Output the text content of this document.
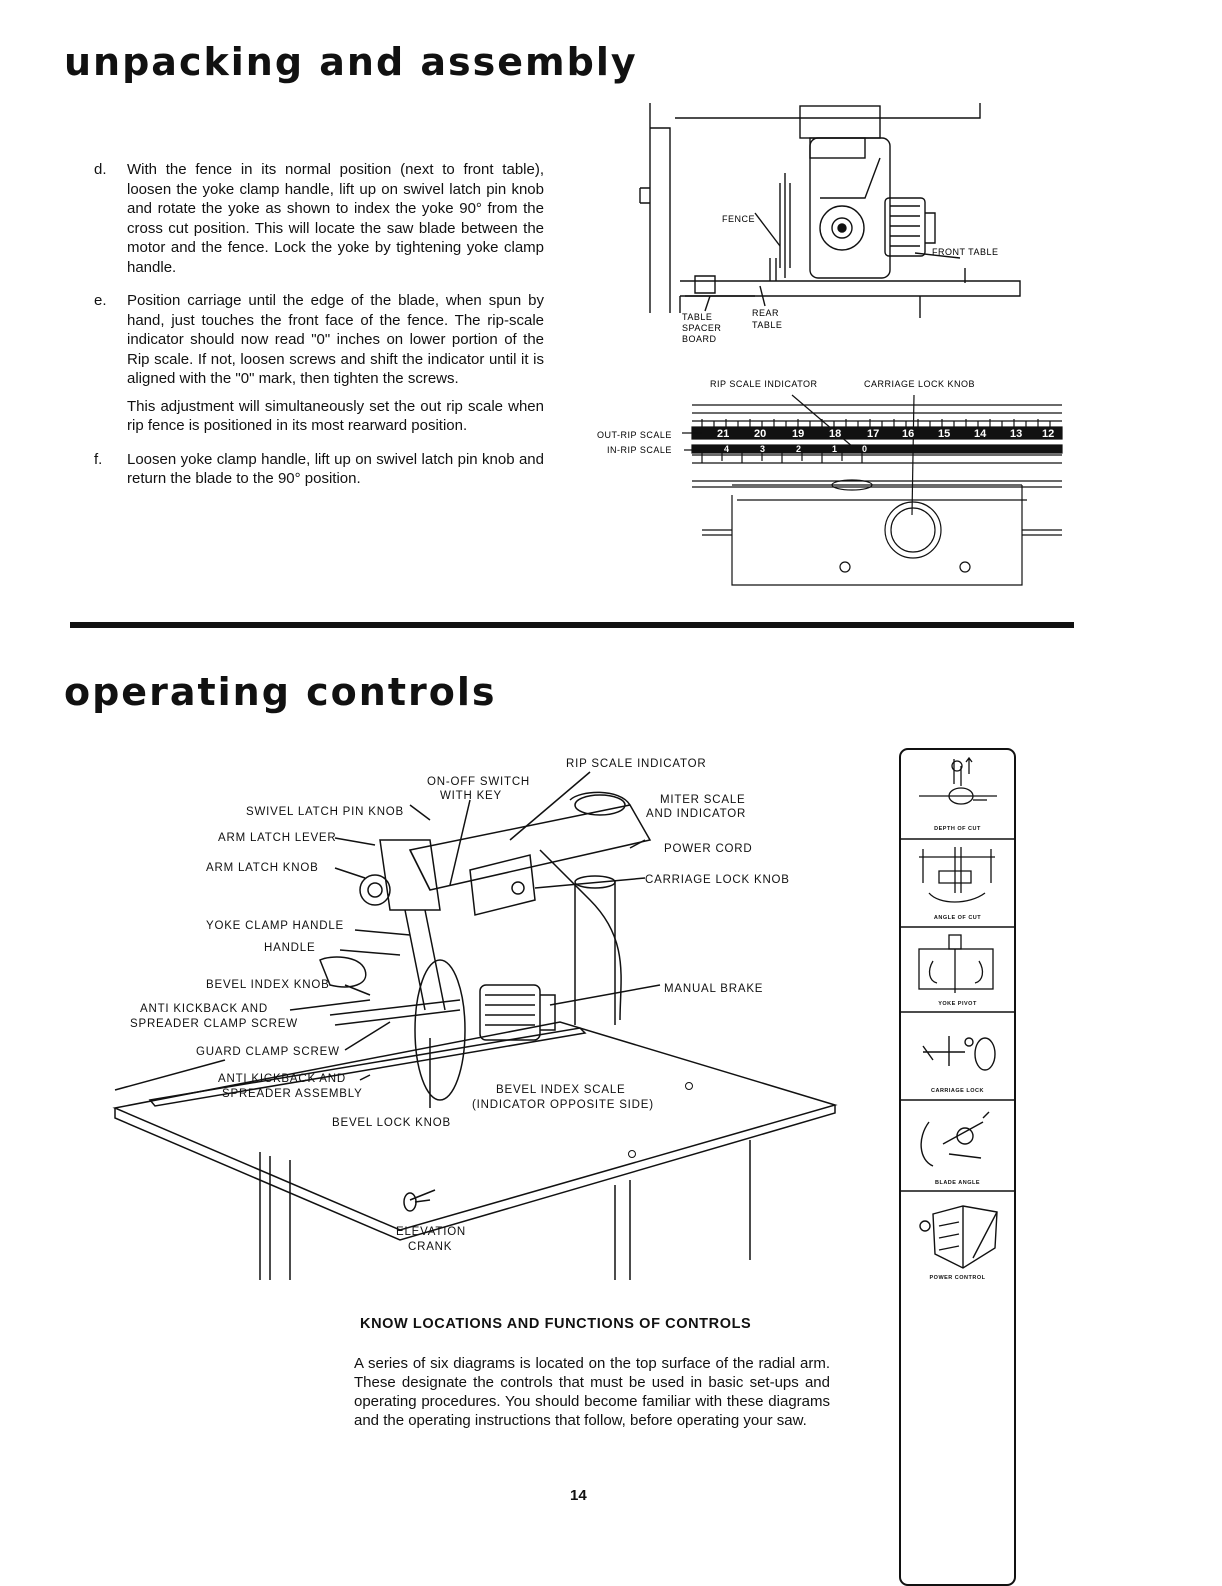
unpacking and assembly
d.	With the fence in its normal position (next to front table), loosen the yoke clamp handle, lift up on swivel latch pin knob and rotate the yoke as shown to index the yoke 90° from the cross cut position. This will locate the saw blade between the motor and the fence. Lock the yoke by tightening yoke clamp handle.

e.	Position carriage until the edge of the blade, when spun by hand, just touches the front face of the fence. The rip-scale indicator should now read "0" inches on lower portion of the Rip scale. If not, loosen screws and shift the indicator until it is aligned with the "0" mark, then tighten the screws.

This adjustment will simultaneously set the out rip scale when rip fence is positioned in its most rearward position.

f.	Loosen yoke clamp handle, lift up on swivel latch pin knob and return the blade to the 90° position.

FENCE
FRONT TABLE
TABLE
SPACER
BOARD
REAR
TABLE
RIP SCALE INDICATOR	CARRIAGE LOCK KNOB
OUT-RIP SCALE
IN-RIP SCALE
21 20 19 18 17 16 15 14 13 12
4	3	2	1	0
operating controls
RIP SCALE INDICATOR
ON-OFF SWITCH
WITH KEY
SWIVEL LATCH PIN KNOB
MITER SCALE
AND INDICATOR
ARM LATCH LEVER
POWER CORD
ARM LATCH KNOB
CARRIAGE LOCK KNOB
YOKE CLAMP HANDLE
HANDLE
BEVEL INDEX KNOB	MANUAL BRAKE
ANTI KICKBACK AND
SPREADER CLAMP SCREW
GUARD CLAMP SCREW
ANTI KICKBACK AND
SPREADER ASSEMBLY	BEVEL INDEX SCALE
(INDICATOR OPPOSITE SIDE)
BEVEL LOCK KNOB
ELEVATION
CRANK
DEPTH OF CUT
ANGLE OF CUT
YOKE PIVOT
CARRIAGE LOCK
BLADE ANGLE
POWER CONTROL
KNOW LOCATIONS AND FUNCTIONS OF CONTROLS
A series of six diagrams is located on the top surface of the radial arm. These designate the controls that must be used in basic set-ups and operating procedures. You should become familiar with these diagrams and the operating instructions that follow, before operating your saw.
14
